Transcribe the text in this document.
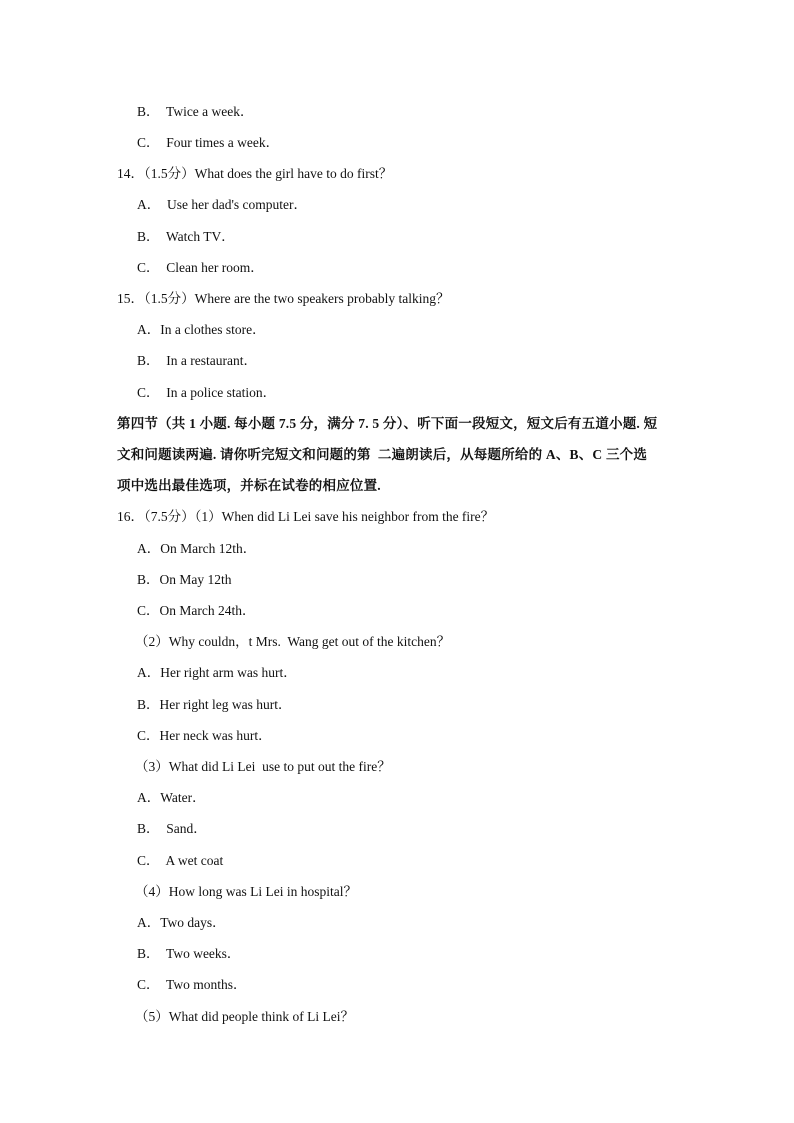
B．  Twice a week．
C．  Four times a week．
14．（1.5分）What does the girl have to do first？
A．  Use her dad's computer．
B．  Watch TV．
C．  Clean her room．
15．（1.5分）Where are the two speakers probably talking？
A．In a clothes store．
B．  In a restaurant．
C．  In a police station．
第四节（共 1 小题. 每小题 7.5 分，满分 7. 5 分）、听下面一段短文，短文后有五道小题. 短
文和问题读两遍. 请你听完短文和问题的第  二遍朗读后，从每题所给的 A、B、C 三个选
项中选出最佳选项，并标在试卷的相应位置.
16．（7.5分）（1）When did Li Lei save his neighbor from the fire？
A．On March 12th．
B．On May 12th
C．On March 24th．
（2）Why couldn，t Mrs.  Wang get out of the kitchen？
A．Her right arm was hurt．
B．Her right leg was hurt．
C．Her neck was hurt．
（3）What did Li Lei  use to put out the fire？
A．Water．
B．  Sand．
C．  A wet coat
（4）How long was Li Lei in hospital？
A．Two days．
B．  Two weeks．
C．  Two months．
（5）What did people think of Li Lei？
